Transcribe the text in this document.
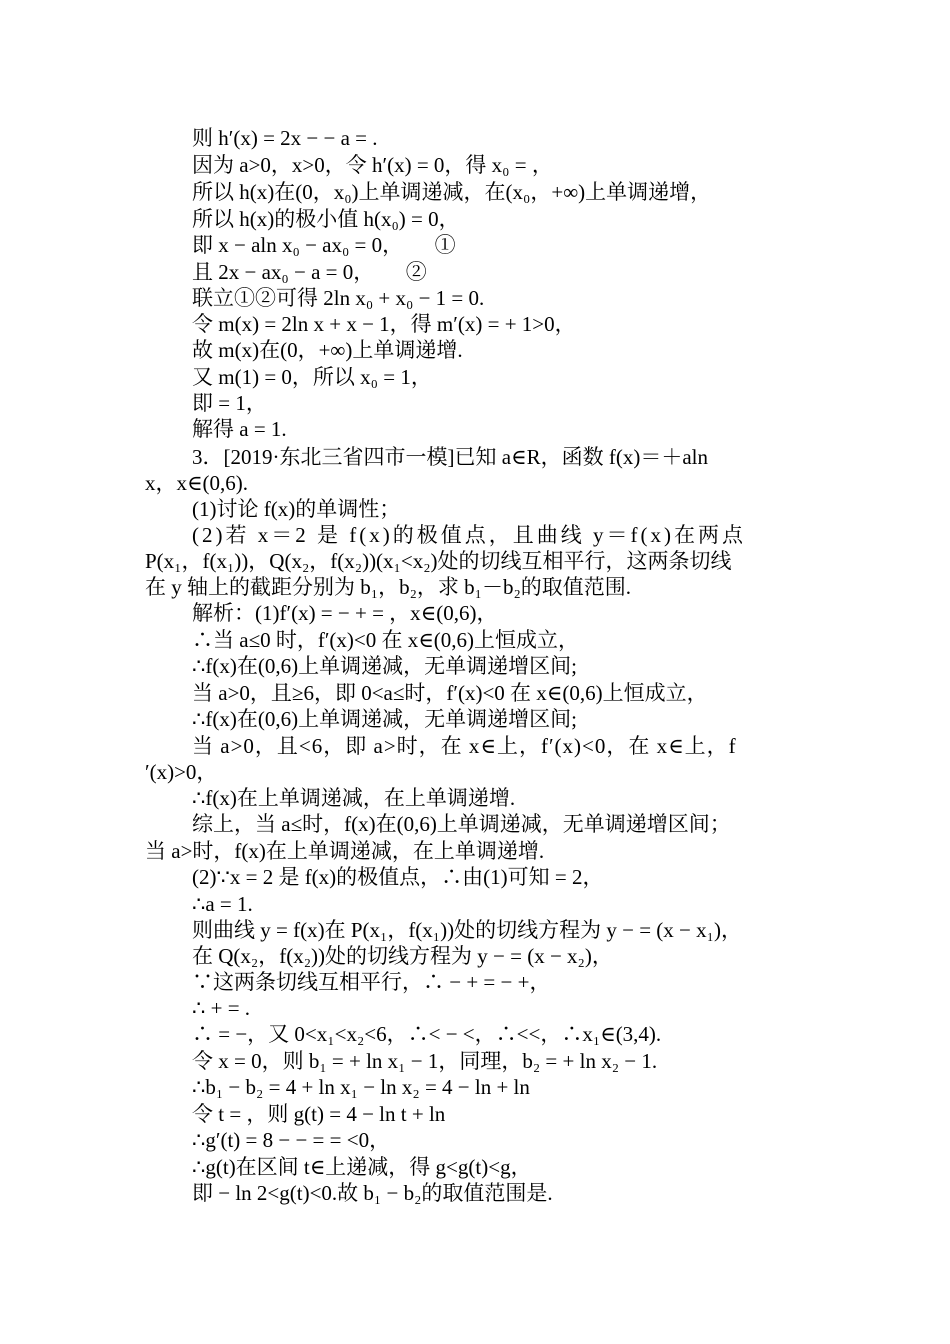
则 h′(x) = 2x − − a = .
因为 a>0，x>0，令 h′(x) = 0，得 x₀ = ，
所以 h(x)在(0，x₀)上单调递减，在(x₀，+∞)上单调递增，
所以 h(x)的极小值 h(x₀) = 0，
即 x − aln x₀ − ax₀ = 0，　　①
且 2x − ax₀ − a = 0，　　②
联立①②可得 2ln x₀ + x₀ − 1 = 0.
令 m(x) = 2ln x + x − 1，得 m′(x) = + 1>0，
故 m(x)在(0，+∞)上单调递增.
又 m(1) = 0，所以 x₀ = 1，
即 = 1，
解得 a = 1.
3．[2019·东北三省四市一模]已知 a∈R，函数 f(x)＝＋aln
x，x∈(0,6).
(1)讨论 f(x)的单调性；
(2)若 x＝2 是 f(x)的极值点，且曲线 y＝f(x)在两点
P(x₁，f(x₁))，Q(x₂，f(x₂))(x₁<x₂)处的切线互相平行，这两条切线
在 y 轴上的截距分别为 b₁，b₂，求 b₁－b₂的取值范围.
解析：(1)f′(x) = − + = ，x∈(0,6)，
∴当 a≤0 时，f′(x)<0 在 x∈(0,6)上恒成立，
∴f(x)在(0,6)上单调递减，无单调递增区间;
当 a>0，且≥6，即 0<a≤时，f′(x)<0 在 x∈(0,6)上恒成立，
∴f(x)在(0,6)上单调递减，无单调递增区间;
当 a>0，且<6，即 a>时，在 x∈上，f′(x)<0，在 x∈上，f
′(x)>0，
∴f(x)在上单调递减，在上单调递增.
综上，当 a≤时，f(x)在(0,6)上单调递减，无单调递增区间；
当 a>时，f(x)在上单调递减，在上单调递增.
(2)∵x = 2 是 f(x)的极值点，∴由(1)可知 = 2，
∴a = 1.
则曲线 y = f(x)在 P(x₁，f(x₁))处的切线方程为 y − = (x − x₁)，
在 Q(x₂，f(x₂))处的切线方程为 y − = (x − x₂)，
∵这两条切线互相平行，∴ − + = − +，
∴ + = .
∴ = −，又 0<x₁<x₂<6，∴< − <，∴<<，∴x₁∈(3,4).
令 x = 0，则 b₁ = + ln x₁ − 1，同理，b₂ = + ln x₂ − 1.
∴b₁ − b₂ = 4 + ln x₁ − ln x₂ = 4 − ln + ln
令 t = ，则 g(t) = 4 − ln t + ln
∴g′(t) = 8 − − = = <0，
∴g(t)在区间 t∈上递减，得 g<g(t)<g，
即 − ln 2<g(t)<0.故 b₁ − b₂的取值范围是.
